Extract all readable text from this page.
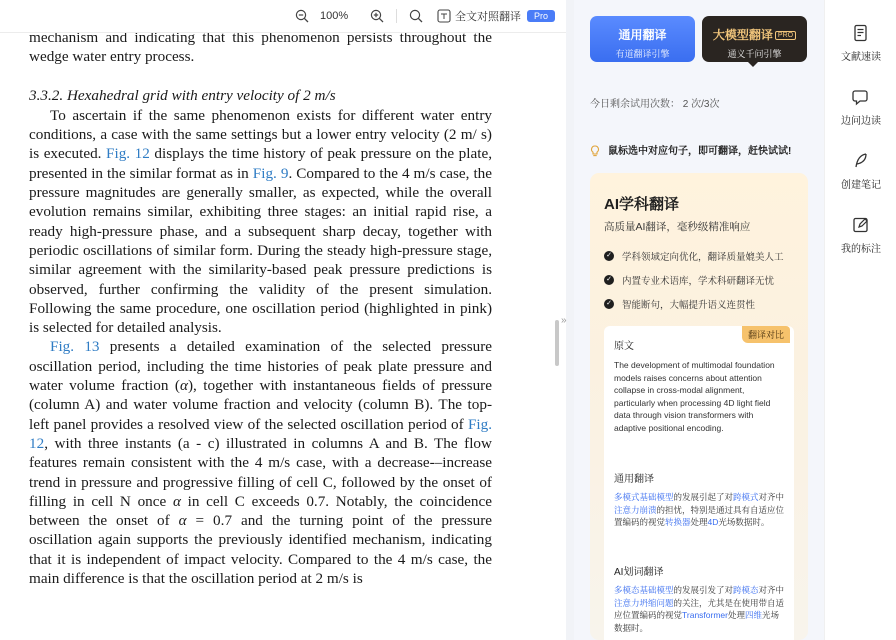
100%	全文对照翻译	Pro

mechanism and indicating that this phenomenon persists throughout the wedge water entry process.

3.3.2. Hexahedral grid with entry velocity of 2 m/s

To ascertain if the same phenomenon exists for different water entry conditions, a case with the same settings but a lower entry velocity (2 m/ s) is executed. Fig. 12 displays the time history of peak pressure on the plate, presented in the similar format as in Fig. 9. Compared to the 4 m/s case, the pressure magnitudes are generally smaller, as expected, while the overall evolution remains similar, exhibiting three stages: an initial rapid rise, a ready high-pressure phase, and a subsequent sharp decay, together with periodic oscillations of similar form. During the steady high-pressure stage, similar agreement with the similarity-based peak pressure predictions is observed, further confirming the validity of the present simulation. Following the same procedure, one oscillation period (highlighted in pink) is selected for detailed analysis.

Fig. 13 presents a detailed examination of the selected pressure oscillation period, including the time histories of peak plate pressure and water volume fraction (α), together with instantaneous fields of pressure (column A) and water volume fraction and velocity (column B). The top-left panel provides a resolved view of the selected oscillation period of Fig. 12, with three instants (a - c) illustrated in columns A and B. The flow features remain consistent with the 4 m/s case, with a decrease-–increase trend in pressure and progressive filling of cell C, followed by the onset of filling in cell N once α in cell C exceeds 0.7. Notably, the coincidence between the onset of α = 0.7 and the turning point of the pressure oscillation again supports the previously identified mechanism, indicating that it is independent of impact velocity. Compared to the 4 m/s case, the main difference is that the oscillation period at 2 m/s is

»
通用翻译
有道翻译引擎
大模型翻译 PRO
通义千问引擎
今日剩余试用次数： 2 次/3次
鼠标选中对应句子，即可翻译，赶快试试!
AI学科翻译
高质量AI翻译，毫秒级精准响应
✓ 学科领域定向优化，翻译质量媲美人工
✓ 内置专业术语库，学术科研翻译无忧
✓ 智能断句，大幅提升语义连贯性
翻译对比
原文
The development of multimodal foundation models raises concerns about attention collapse in cross-modal alignment, particularly when processing 4D light field data through vision transformers with adaptive positional encoding.
通用翻译
多模式基础模型的发展引起了对跨模式对齐中注意力崩溃的担忧，特别是通过具有自适应位置编码的视觉转换器处理4D光场数据时。
AI划词翻译
多模态基础模型的发展引发了对跨模态对齐中注意力坍缩问题的关注，尤其是在使用带自适应位置编码的视觉Transformer处理四维光场数据时。
文献速读
边问边读
创建笔记
我的标注
